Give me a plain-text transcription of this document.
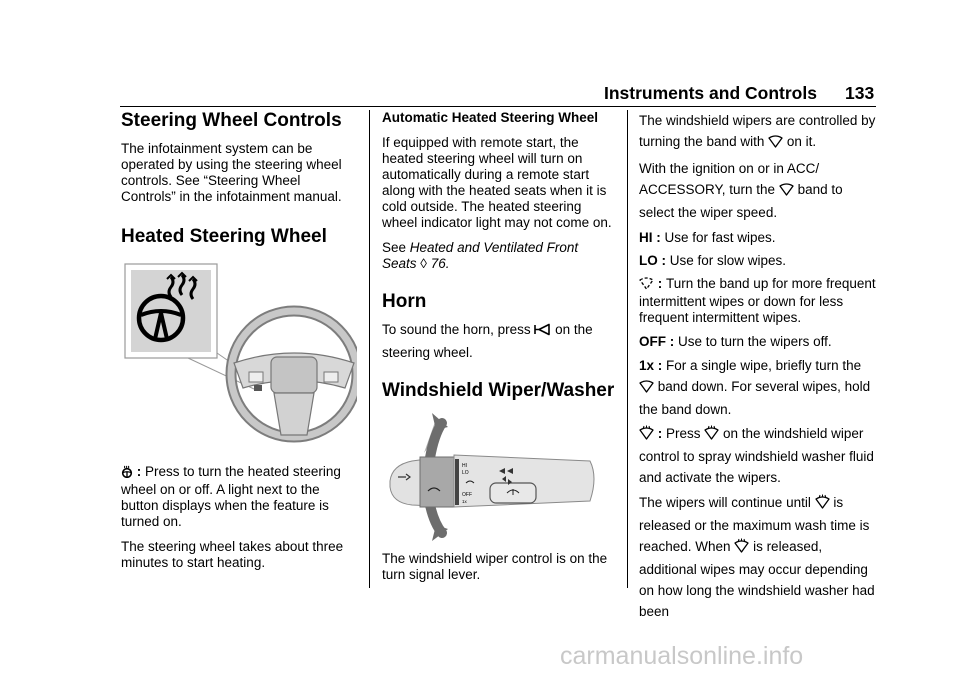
Instruments and Controls 133
Steering Wheel Controls

The infotainment system can be operated by using the steering wheel controls. See “Steering Wheel Controls” in the infotainment manual.

Heated Steering Wheel

: Press to turn the heated steering wheel on or off. A light next to the button displays when the feature is turned on.

The steering wheel takes about three minutes to start heating.

Automatic Heated Steering Wheel

If equipped with remote start, the heated steering wheel will turn on automatically during a remote start along with the heated seats when it is cold outside. The heated steering wheel indicator light may not come on.

See Heated and Ventilated Front Seats ◊ 76.

Horn

To sound the horn, press  on the steering wheel.

Windshield Wiper/Washer
HI
LO
OFF
1x

The windshield wiper control is on the turn signal lever.

The windshield wipers are controlled by turning the band with  on it.

With the ignition on or in ACC/ ACCESSORY, turn the  band to select the wiper speed.

HI : Use for fast wipes.

LO : Use for slow wipes.

: Turn the band up for more frequent intermittent wipes or down for less frequent intermittent wipes.

OFF : Use to turn the wipers off.

1x : For a single wipe, briefly turn the  band down. For several wipes, hold the band down.

: Press  on the windshield wiper control to spray windshield washer fluid and activate the wipers.

The wipers will continue until  is released or the maximum wash time is reached. When  is released, additional wipes may occur depending on how long the windshield washer had been

carmanualsonline.info
